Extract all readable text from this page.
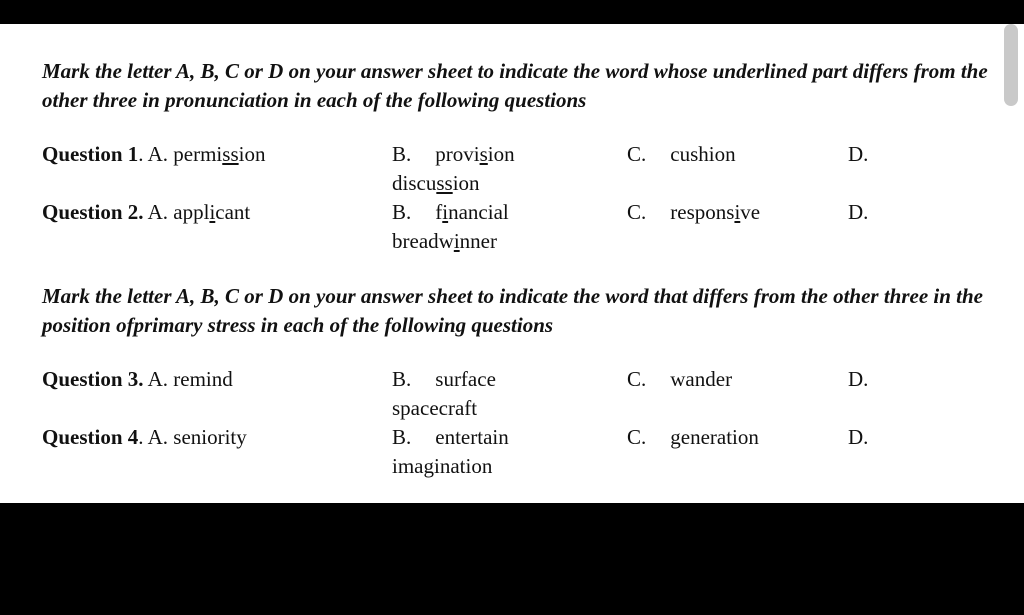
Mark the letter A, B, C or D on your answer sheet to indicate the word whose underlined part differs from the other three in pronunciation in each of the following questions

Question 1. A. permission	B. provision	C. cushion	D.
discussion
Question 2. A. applicant	B. financial	C. responsive	D.
breadwinner

Mark the letter A, B, C or D on your answer sheet to indicate the word that differs from the other three in the position ofprimary stress in each of the following questions

Question 3. A. remind	B. surface	C. wander	D.
spacecraft
Question 4. A. seniority	B. entertain	C. generation	D.
imagination
